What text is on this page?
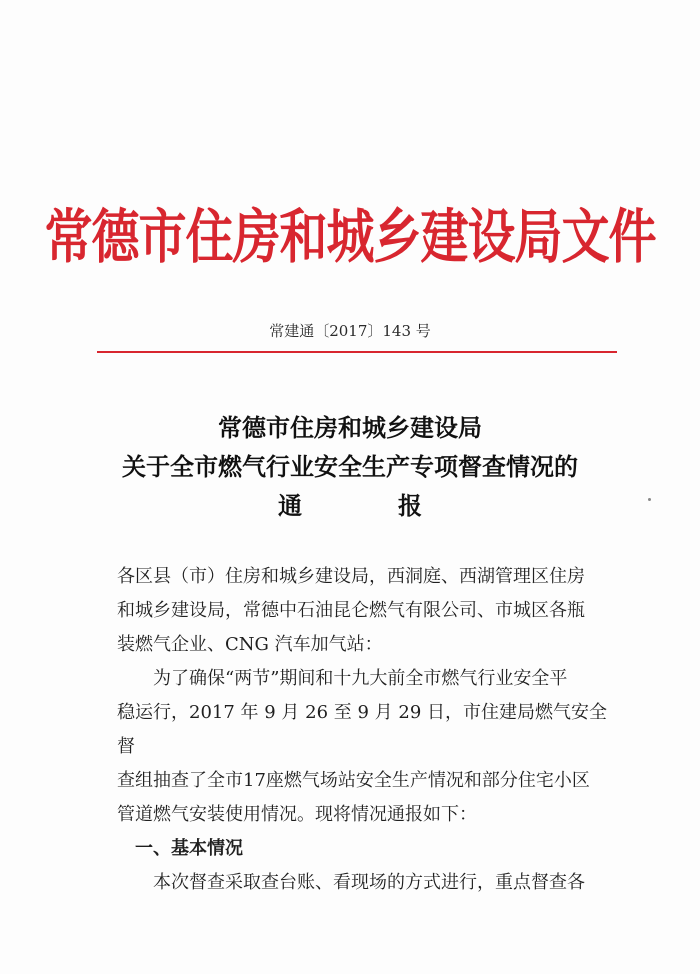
常德市住房和城乡建设局文件
常建通〔2017〕143 号
常德市住房和城乡建设局
关于全市燃气行业安全生产专项督查情况的
通	报

各区县（市）住房和城乡建设局，西洞庭、西湖管理区住房

和城乡建设局，常德中石油昆仑燃气有限公司、市城区各瓶

装燃气企业、CNG 汽车加气站：

为了确保“两节”期间和十九大前全市燃气行业安全平

稳运行，2017 年 9 月 26 至 9 月 29 日，市住建局燃气安全督

查组抽查了全市17座燃气场站安全生产情况和部分住宅小区

管道燃气安装使用情况。现将情况通报如下：

一、基本情况

本次督查采取查台账、看现场的方式进行，重点督查各
